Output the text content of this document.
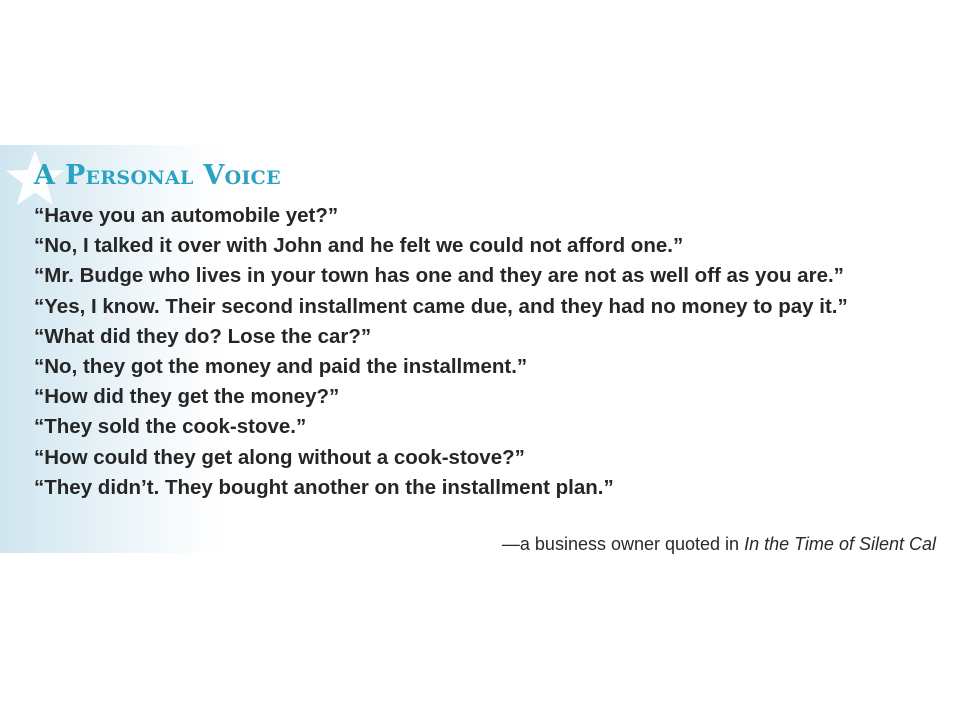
A Personal Voice
“Have you an automobile yet?”
“No, I talked it over with John and he felt we could not afford one.”
“Mr. Budge who lives in your town has one and they are not as well off as you are.”
“Yes, I know. Their second installment came due, and they had no money to pay it.”
“What did they do? Lose the car?”
“No, they got the money and paid the installment.”
“How did they get the money?”
“They sold the cook-stove.”
“How could they get along without a cook-stove?”
“They didn’t. They bought another on the installment plan.”

—a business owner quoted in In the Time of Silent Cal
